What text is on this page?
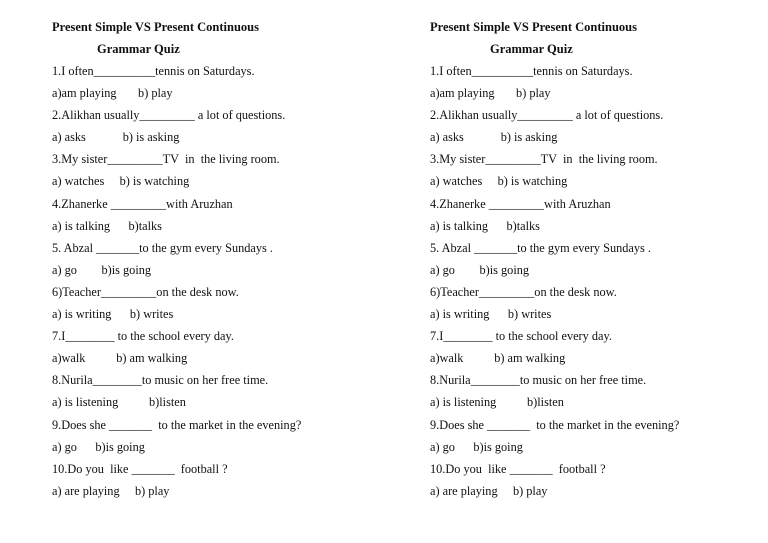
Present Simple VS Present Continuous
Grammar Quiz
1.I often__________tennis on Saturdays.
a)am playing       b) play
2.Alikhan usually_________ a lot of questions.
a) asks            b) is asking
3.My sister_________TV  in  the living room.
a) watches     b) is watching
4.Zhanerke _________with Aruzhan
a) is talking      b)talks
5. Abzal _______to the gym every Sundays .
a) go        b)is going
6)Teacher_________on the desk now.
a) is writing      b) writes
7.I________ to the school every day.
a)walk          b) am walking
8.Nurila________to music on her free time.
a) is listening          b)listen
9.Does she _______  to the market in the evening?
a) go      b)is going
10.Do you  like _______  football ?
a) are playing     b) play
Present Simple VS Present Continuous
Grammar Quiz
1.I often__________tennis on Saturdays.
a)am playing       b) play
2.Alikhan usually_________ a lot of questions.
a) asks            b) is asking
3.My sister_________TV  in  the living room.
a) watches     b) is watching
4.Zhanerke _________with Aruzhan
a) is talking      b)talks
5. Abzal _______to the gym every Sundays .
a) go        b)is going
6)Teacher_________on the desk now.
a) is writing      b) writes
7.I________ to the school every day.
a)walk          b) am walking
8.Nurila________to music on her free time.
a) is listening          b)listen
9.Does she _______  to the market in the evening?
a) go      b)is going
10.Do you  like _______  football ?
a) are playing     b) play
